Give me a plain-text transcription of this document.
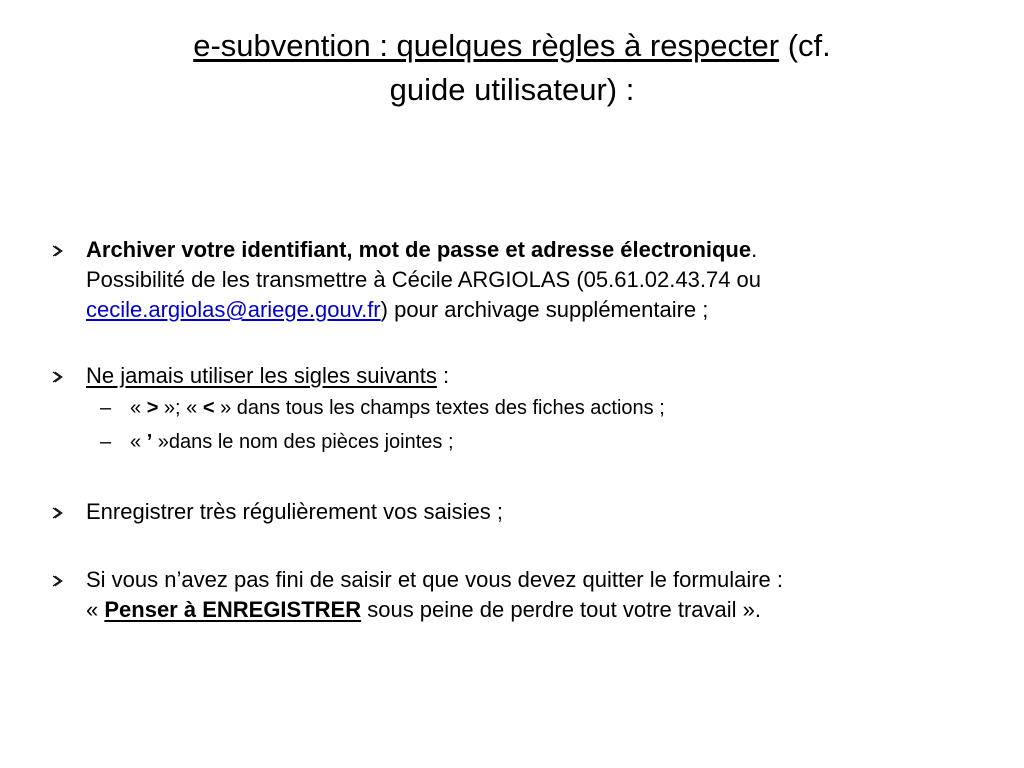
e-subvention : quelques règles à respecter (cf.
guide utilisateur) :
Archiver votre identifiant, mot de passe et adresse électronique.
Possibilité de les transmettre à Cécile ARGIOLAS (05.61.02.43.74 ou
cecile.argiolas@ariege.gouv.fr) pour archivage supplémentaire ;
Ne jamais utiliser les sigles suivants :
– « > »; « < » dans tous les champs textes des fiches actions ;
– « ’ »dans le nom des pièces jointes ;
Enregistrer très régulièrement vos saisies ;
Si vous n’avez pas fini de saisir et que vous devez quitter le formulaire :
« Penser à ENREGISTRER sous peine de perdre tout votre travail ».
